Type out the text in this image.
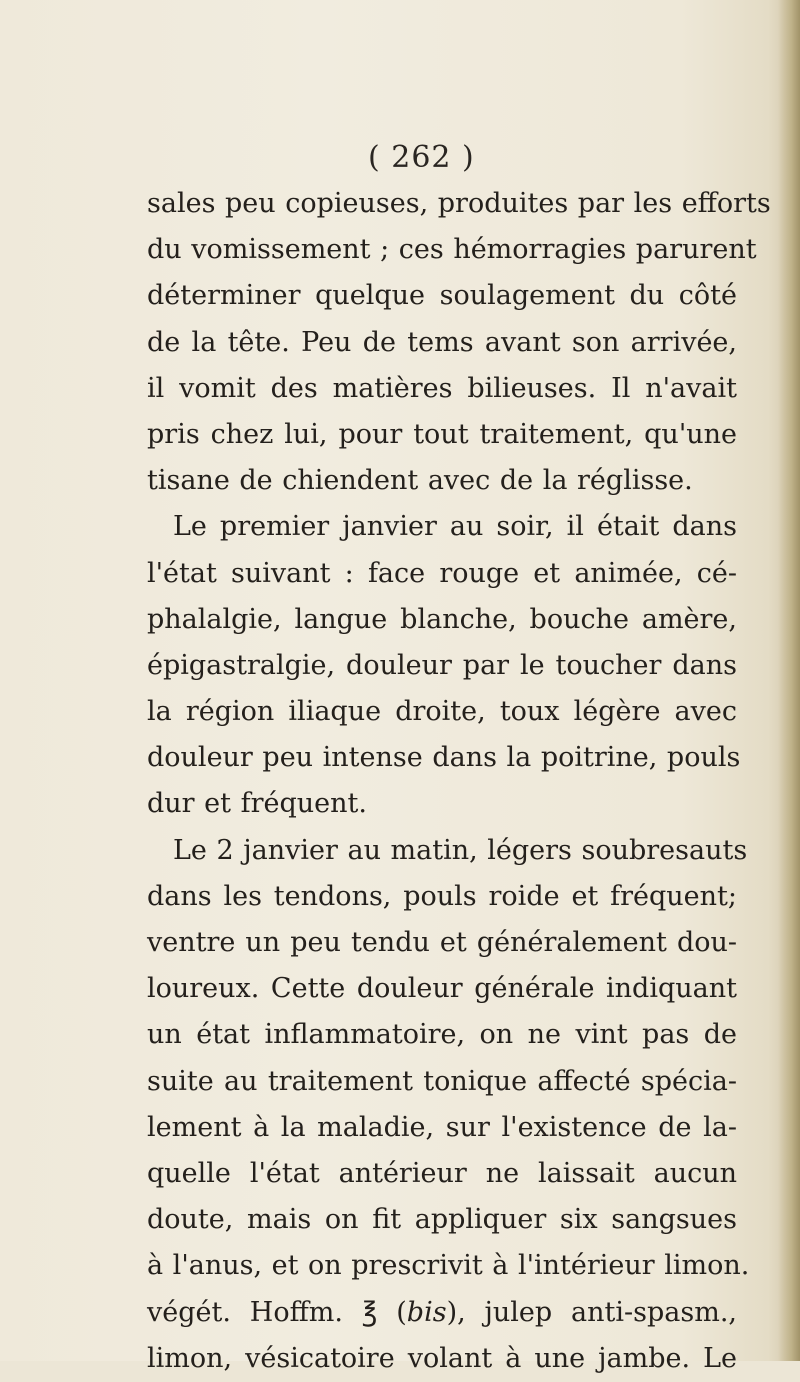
( 262 )
sales peu copieuses, produites par les efforts
du vomissement ; ces hémorragies parurent
déterminer quelque soulagement du côté
de la tête. Peu de tems avant son arrivée,
il vomit des matières bilieuses. Il n'avait
pris chez lui, pour tout traitement, qu'une
tisane de chiendent avec de la réglisse.
Le premier janvier au soir, il était dans
l'état suivant : face rouge et animée, cé-
phalalgie, langue blanche, bouche amère,
épigastralgie, douleur par le toucher dans
la région iliaque droite, toux légère avec
douleur peu intense dans la poitrine, pouls
dur et fréquent.
Le 2 janvier au matin, légers soubresauts
dans les tendons, pouls roide et fréquent;
ventre un peu tendu et généralement dou-
loureux. Cette douleur générale indiquant
un état inflammatoire, on ne vint pas de
suite au traitement tonique affecté spécia-
lement à la maladie, sur l'existence de la-
quelle l'état antérieur ne laissait aucun
doute, mais on fit appliquer six sangsues
à l'anus, et on prescrivit à l'intérieur limon.
végét. Hoffm. ℥ (bis), julep anti-spasm.,
limon, vésicatoire volant à une jambe. Le
